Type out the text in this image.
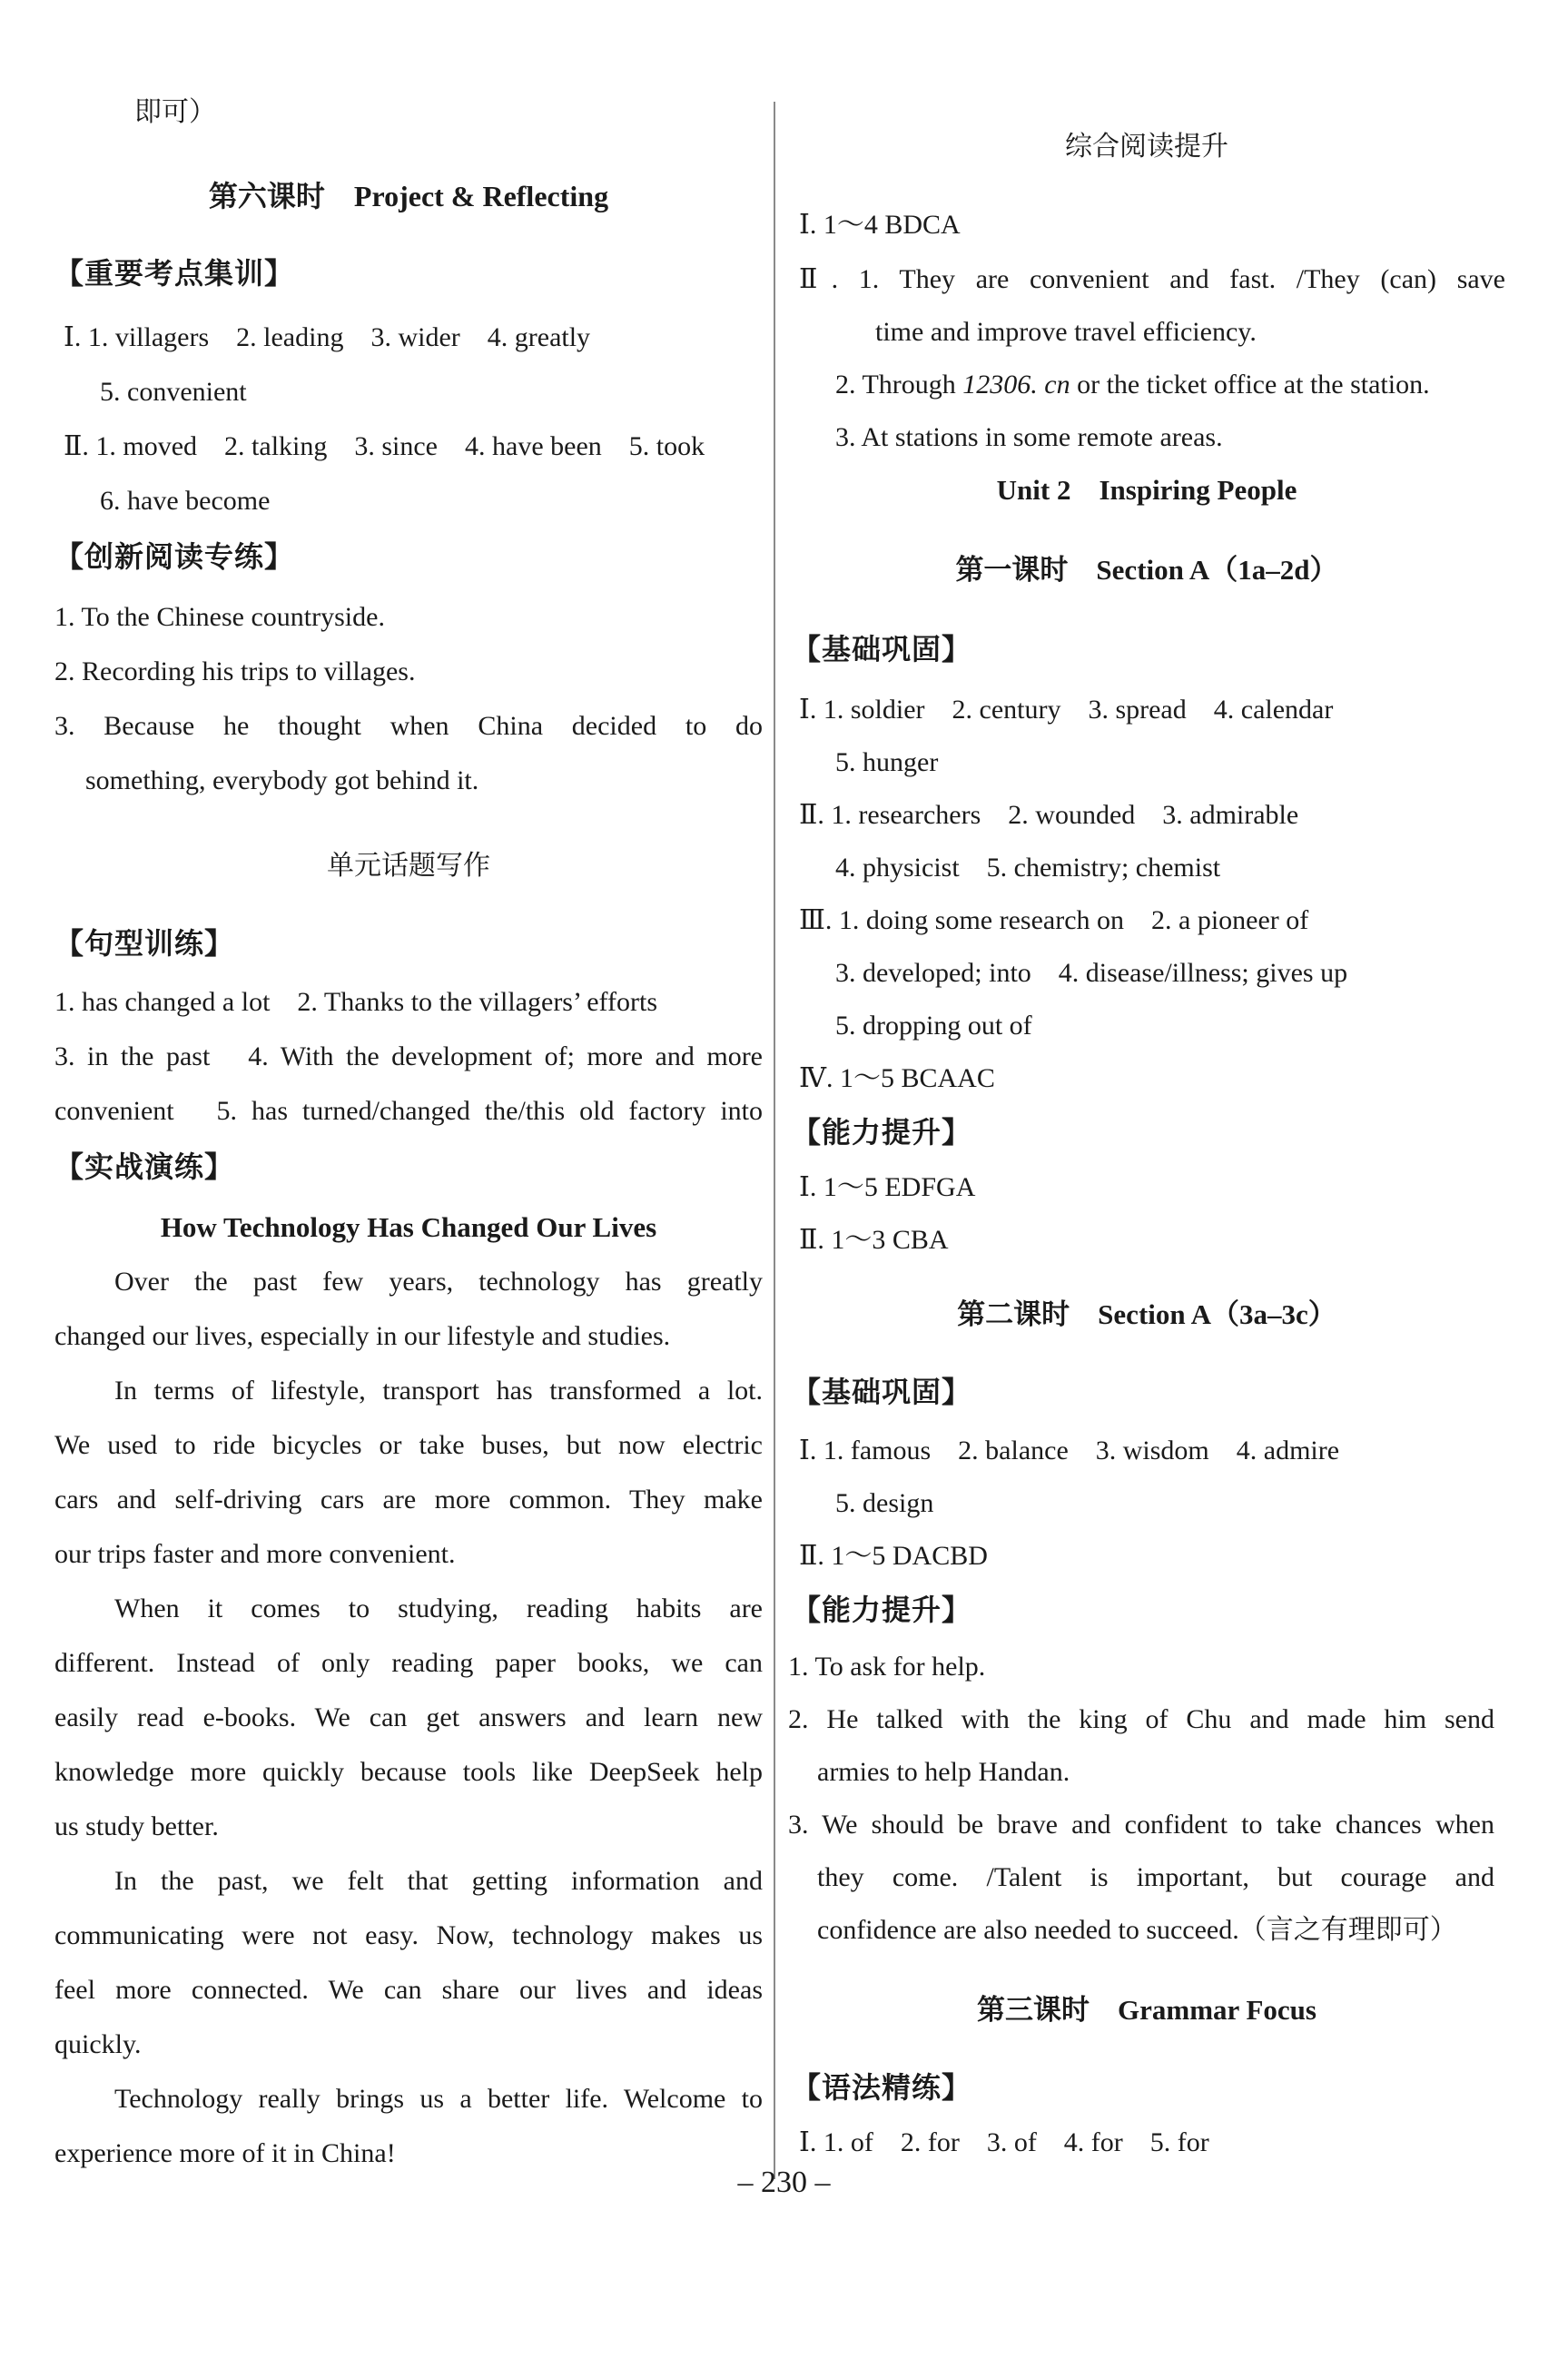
即可）
第六课时　Project & Reflecting
【重要考点集训】
Ⅰ. 1. villagers　2. leading　3. wider　4. greatly
5. convenient
Ⅱ. 1. moved　2. talking　3. since　4. have been　5. took
6. have become
【创新阅读专练】
1. To the Chinese countryside.
2. Recording his trips to villages.
3. Because he thought when China decided to do
something, everybody got behind it.
单元话题写作
【句型训练】
1. has changed a lot　2. Thanks to the villagers’ efforts
3. in the past　4. With the development of; more and more
convenient　5. has turned/changed the/this old factory into
【实战演练】
How Technology Has Changed Our Lives
Over the past few years, technology has greatly
changed our lives, especially in our lifestyle and studies.
In terms of lifestyle, transport has transformed a lot.
We used to ride bicycles or take buses, but now electric
cars and self-driving cars are more common. They make
our trips faster and more convenient.
When it comes to studying, reading habits are
different. Instead of only reading paper books, we can
easily read e-books. We can get answers and learn new
knowledge more quickly because tools like DeepSeek help
us study better.
In the past, we felt that getting information and
communicating were not easy. Now, technology makes us
feel more connected. We can share our lives and ideas
quickly.
Technology really brings us a better life. Welcome to
experience more of it in China!
综合阅读提升
Ⅰ. 1～4 BDCA
Ⅱ. 1. They are convenient and fast. /They (can) save
time and improve travel efficiency.
2. Through 12306. cn or the ticket office at the station.
3. At stations in some remote areas.
Unit 2　Inspiring People
第一课时　Section A（1a–2d）
【基础巩固】
Ⅰ. 1. soldier　2. century　3. spread　4. calendar
5. hunger
Ⅱ. 1. researchers　2. wounded　3. admirable
4. physicist　5. chemistry; chemist
Ⅲ. 1. doing some research on　2. a pioneer of
3. developed; into　4. disease/illness; gives up
5. dropping out of
Ⅳ. 1～5 BCAAC
【能力提升】
Ⅰ. 1～5 EDFGA
Ⅱ. 1～3 CBA
第二课时　Section A（3a–3c）
【基础巩固】
Ⅰ. 1. famous　2. balance　3. wisdom　4. admire
5. design
Ⅱ. 1～5 DACBD
【能力提升】
1. To ask for help.
2. He talked with the king of Chu and made him send
armies to help Handan.
3. We should be brave and confident to take chances when
they come. /Talent is important, but courage and
confidence are also needed to succeed.（言之有理即可）
第三课时　Grammar Focus
【语法精练】
Ⅰ. 1. of　2. for　3. of　4. for　5. for
– 230 –
